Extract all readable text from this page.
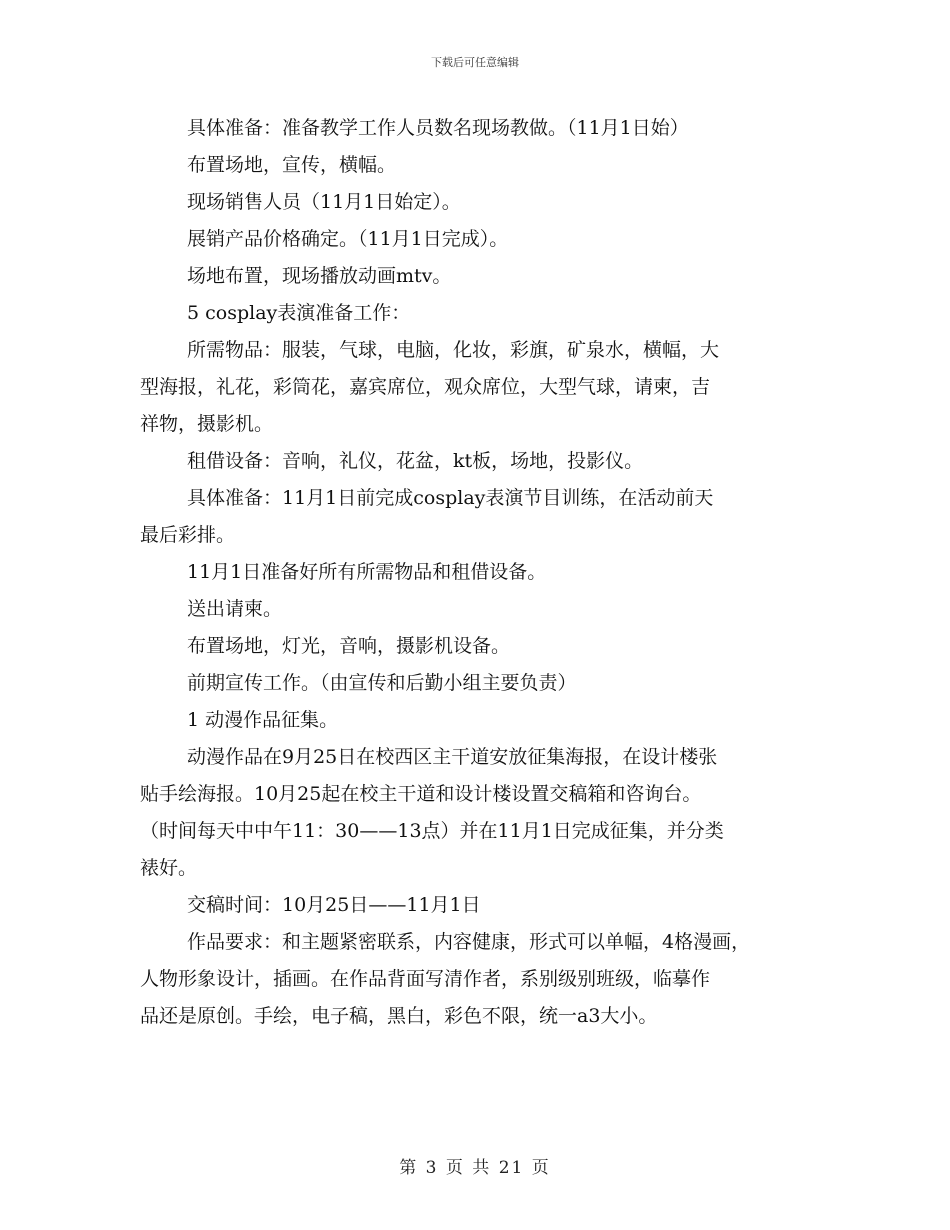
下载后可任意编辑

具体准备：准备教学工作人员数名现场教做。（11月1日始）

布置场地，宣传，横幅。

现场销售人员（11月1日始定）。

展销产品价格确定。（11月1日完成）。

场地布置，现场播放动画mtv。

5 cosplay表演准备工作：

所需物品：服装，气球，电脑，化妆，彩旗，矿泉水，横幅，大

型海报，礼花，彩筒花，嘉宾席位，观众席位，大型气球，请柬，吉

祥物，摄影机。

租借设备：音响，礼仪，花盆，kt板，场地，投影仪。

具体准备：11月1日前完成cosplay表演节目训练，在活动前天

最后彩排。

11月1日准备好所有所需物品和租借设备。

送出请柬。

布置场地，灯光，音响，摄影机设备。

前期宣传工作。（由宣传和后勤小组主要负责）

1 动漫作品征集。

动漫作品在9月25日在校西区主干道安放征集海报，在设计楼张

贴手绘海报。10月25起在校主干道和设计楼设置交稿箱和咨询台。

（时间每天中中午11：30——13点）并在11月1日完成征集，并分类

裱好。

交稿时间：10月25日——11月1日

作品要求：和主题紧密联系，内容健康，形式可以单幅，4格漫画，

人物形象设计，插画。在作品背面写清作者，系别级别班级，临摹作

品还是原创。手绘，电子稿，黑白，彩色不限，统一a3大小。

第 3 页 共 21 页
